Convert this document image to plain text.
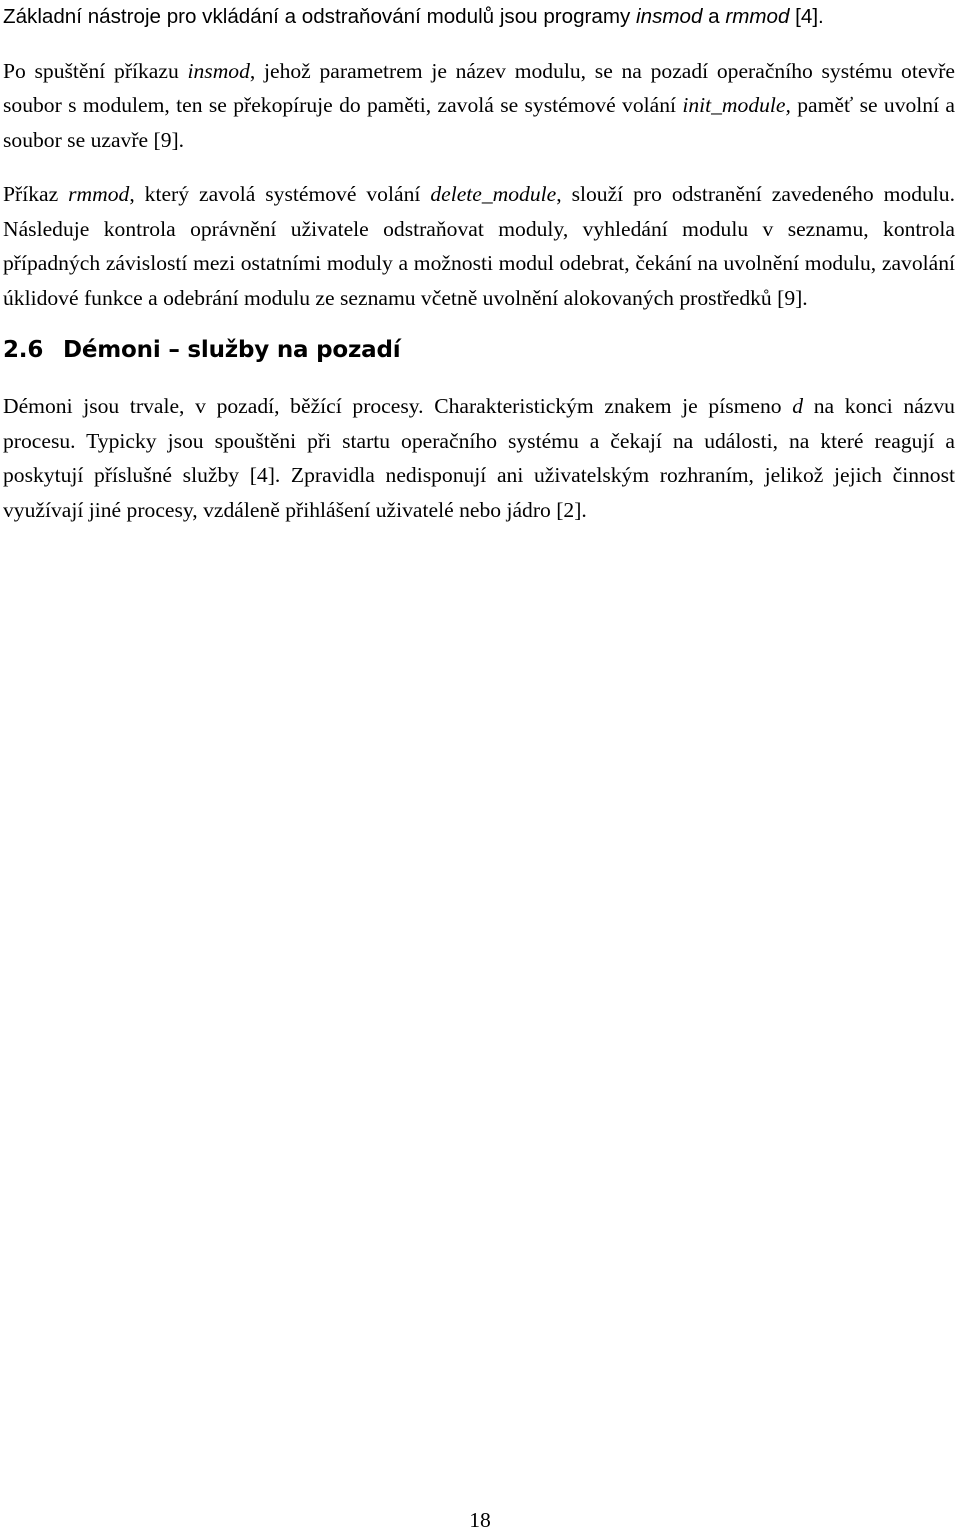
Základní nástroje pro vkládání a odstraňování modulů jsou programy insmod a rmmod [4].

Po spuštění příkazu insmod, jehož parametrem je název modulu, se na pozadí operačního systému otevře soubor s modulem, ten se překopíruje do paměti, zavolá se systémové volání init_module, paměť se uvolní a soubor se uzavře [9].

Příkaz rmmod, který zavolá systémové volání delete_module, slouží pro odstranění zavedeného modulu. Následuje kontrola oprávnění uživatele odstraňovat moduly, vyhledání modulu v seznamu, kontrola případných závislostí mezi ostatními moduly a možnosti modul odebrat, čekání na uvolnění modulu, zavolání úklidové funkce a odebrání modulu ze seznamu včetně uvolnění alokovaných prostředků [9].

2.6 Démoni – služby na pozadí

Démoni jsou trvale, v pozadí, běžící procesy. Charakteristickým znakem je písmeno d na konci názvu procesu. Typicky jsou spouštěni při startu operačního systému a čekají na události, na které reagují a poskytují příslušné služby [4]. Zpravidla nedisponují ani uživatelským rozhraním, jelikož jejich činnost využívají jiné procesy, vzdáleně přihlášení uživatelé nebo jádro [2].

18
